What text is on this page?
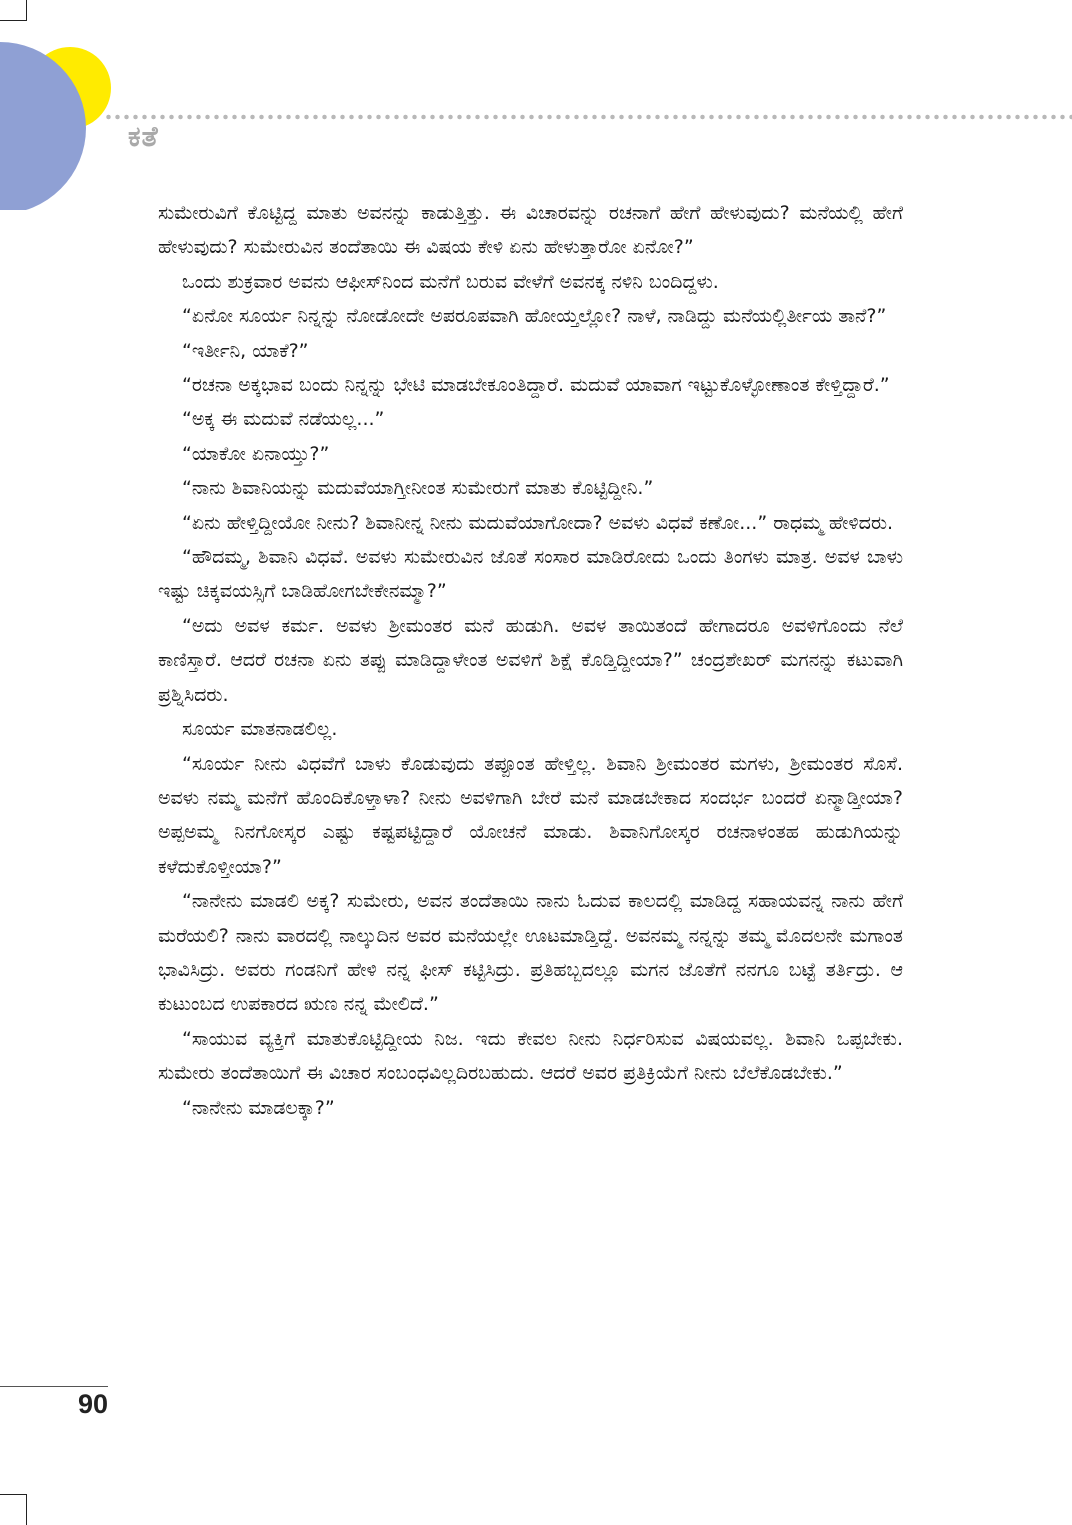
ಕತೆ

ಸುಮೇರುವಿಗೆ ಕೊಟ್ಟಿದ್ದ ಮಾತು ಅವನನ್ನು ಕಾಡುತ್ತಿತ್ತು. ಈ ವಿಚಾರವನ್ನು ರಚನಾಗೆ ಹೇಗೆ ಹೇಳುವುದು? ಮನೆಯಲ್ಲಿ ಹೇಗೆ ಹೇಳುವುದು? ಸುಮೇರುವಿನ ತಂದೆತಾಯಿ ಈ ವಿಷಯ ಕೇಳಿ ಏನು ಹೇಳುತ್ತಾರೋ ಏನೋ?”

ಒಂದು ಶುಕ್ರವಾರ ಅವನು ಆಫೀಸ್‌ನಿಂದ ಮನೆಗೆ ಬರುವ ವೇಳೆಗೆ ಅವನಕ್ಕ ನಳಿನಿ ಬಂದಿದ್ದಳು.

“ಏನೋ ಸೂರ್ಯ ನಿನ್ನನ್ನು ನೋಡೋದೇ ಅಪರೂಪವಾಗಿ ಹೋಯ್ತಲ್ಲೋ? ನಾಳೆ, ನಾಡಿದ್ದು ಮನೆಯಲ್ಲಿರ್ತೀಯ ತಾನೆ?”

“ಇರ್ತೀನಿ, ಯಾಕೆ?”

“ರಚನಾ ಅಕ್ಕಭಾವ ಬಂದು ನಿನ್ನನ್ನು ಭೇಟಿ ಮಾಡಬೇಕೂಂತಿದ್ದಾರೆ. ಮದುವೆ ಯಾವಾಗ ಇಟ್ಟುಕೊಳ್ಳೋಣಾಂತ ಕೇಳ್ತಿದ್ದಾರೆ.”

“ಅಕ್ಕ ಈ ಮದುವೆ ನಡೆಯಲ್ಲ...”

“ಯಾಕೋ ಏನಾಯ್ತು?”

“ನಾನು ಶಿವಾನಿಯನ್ನು ಮದುವೆಯಾಗ್ತೀನೀಂತ ಸುಮೇರುಗೆ ಮಾತು ಕೊಟ್ಟಿದ್ದೀನಿ.”

“ಏನು ಹೇಳ್ತಿದ್ದೀಯೋ ನೀನು? ಶಿವಾನೀನ್ನ ನೀನು ಮದುವೆಯಾಗೋದಾ? ಅವಳು ವಿಧವೆ ಕಣೋ...” ರಾಧಮ್ಮ ಹೇಳಿದರು.

“ಹೌದಮ್ಮ, ಶಿವಾನಿ ವಿಧವೆ. ಅವಳು ಸುಮೇರುವಿನ ಜೊತೆ ಸಂಸಾರ ಮಾಡಿರೋದು ಒಂದು ತಿಂಗಳು ಮಾತ್ರ. ಅವಳ ಬಾಳು ಇಷ್ಟು ಚಿಕ್ಕವಯಸ್ಸಿಗೆ ಬಾಡಿಹೋಗಬೇಕೇನಮ್ಮಾ?”

“ಅದು ಅವಳ ಕರ್ಮ. ಅವಳು ಶ್ರೀಮಂತರ ಮನೆ ಹುಡುಗಿ. ಅವಳ ತಾಯಿತಂದೆ ಹೇಗಾದರೂ ಅವಳಿಗೊಂದು ನೆಲೆ ಕಾಣಿಸ್ತಾರೆ. ಆದರೆ ರಚನಾ ಏನು ತಪ್ಪು ಮಾಡಿದ್ದಾಳೇಂತ ಅವಳಿಗೆ ಶಿಕ್ಷೆ ಕೊಡ್ತಿದ್ದೀಯಾ?” ಚಂದ್ರಶೇಖರ್ ಮಗನನ್ನು ಕಟುವಾಗಿ ಪ್ರಶ್ನಿಸಿದರು.

ಸೂರ್ಯ ಮಾತನಾಡಲಿಲ್ಲ.

“ಸೂರ್ಯ ನೀನು ವಿಧವೆಗೆ ಬಾಳು ಕೊಡುವುದು ತಪ್ಪೂಂತ ಹೇಳ್ತಿಲ್ಲ. ಶಿವಾನಿ ಶ್ರೀಮಂತರ ಮಗಳು, ಶ್ರೀಮಂತರ ಸೊಸೆ. ಅವಳು ನಮ್ಮ ಮನೆಗೆ ಹೊಂದಿಕೊಳ್ತಾಳಾ? ನೀನು ಅವಳಿಗಾಗಿ ಬೇರೆ ಮನೆ ಮಾಡಬೇಕಾದ ಸಂದರ್ಭ ಬಂದರೆ ಏನ್ಮಾಡ್ತೀಯಾ? ಅಪ್ಪಅಮ್ಮ ನಿನಗೋಸ್ಕರ ಎಷ್ಟು ಕಷ್ಟಪಟ್ಟಿದ್ದಾರೆ ಯೋಚನೆ ಮಾಡು. ಶಿವಾನಿಗೋಸ್ಕರ ರಚನಾಳಂತಹ ಹುಡುಗಿಯನ್ನು ಕಳೆದುಕೊಳ್ತೀಯಾ?”

“ನಾನೇನು ಮಾಡಲಿ ಅಕ್ಕ? ಸುಮೇರು, ಅವನ ತಂದೆತಾಯಿ ನಾನು ಓದುವ ಕಾಲದಲ್ಲಿ ಮಾಡಿದ್ದ ಸಹಾಯವನ್ನ ನಾನು ಹೇಗೆ ಮರೆಯಲಿ? ನಾನು ವಾರದಲ್ಲಿ ನಾಲ್ಕುದಿನ ಅವರ ಮನೆಯಲ್ಲೇ ಊಟಮಾಡ್ತಿದ್ದೆ. ಅವನಮ್ಮ ನನ್ನನ್ನು ತಮ್ಮ ಮೊದಲನೇ ಮಗಾಂತ ಭಾವಿಸಿದ್ರು. ಅವರು ಗಂಡನಿಗೆ ಹೇಳಿ ನನ್ನ ಫೀಸ್ ಕಟ್ಟಿಸಿದ್ರು. ಪ್ರತಿಹಬ್ಬದಲ್ಲೂ ಮಗನ ಜೊತೆಗೆ ನನಗೂ ಬಟ್ಟೆ ತರ್ತಿದ್ರು. ಆ ಕುಟುಂಬದ ಉಪಕಾರದ ಋಣ ನನ್ನ ಮೇಲಿದೆ.”

“ಸಾಯುವ ವ್ಯಕ್ತಿಗೆ ಮಾತುಕೊಟ್ಟಿದ್ದೀಯ ನಿಜ. ಇದು ಕೇವಲ ನೀನು ನಿರ್ಧರಿಸುವ ವಿಷಯವಲ್ಲ. ಶಿವಾನಿ ಒಪ್ಪಬೇಕು. ಸುಮೇರು ತಂದೆತಾಯಿಗೆ ಈ ವಿಚಾರ ಸಂಬಂಧವಿಲ್ಲದಿರಬಹುದು. ಆದರೆ ಅವರ ಪ್ರತಿಕ್ರಿಯೆಗೆ ನೀನು ಬೆಲೆಕೊಡಬೇಕು.”

“ನಾನೇನು ಮಾಡಲಕ್ಕಾ?”

90
